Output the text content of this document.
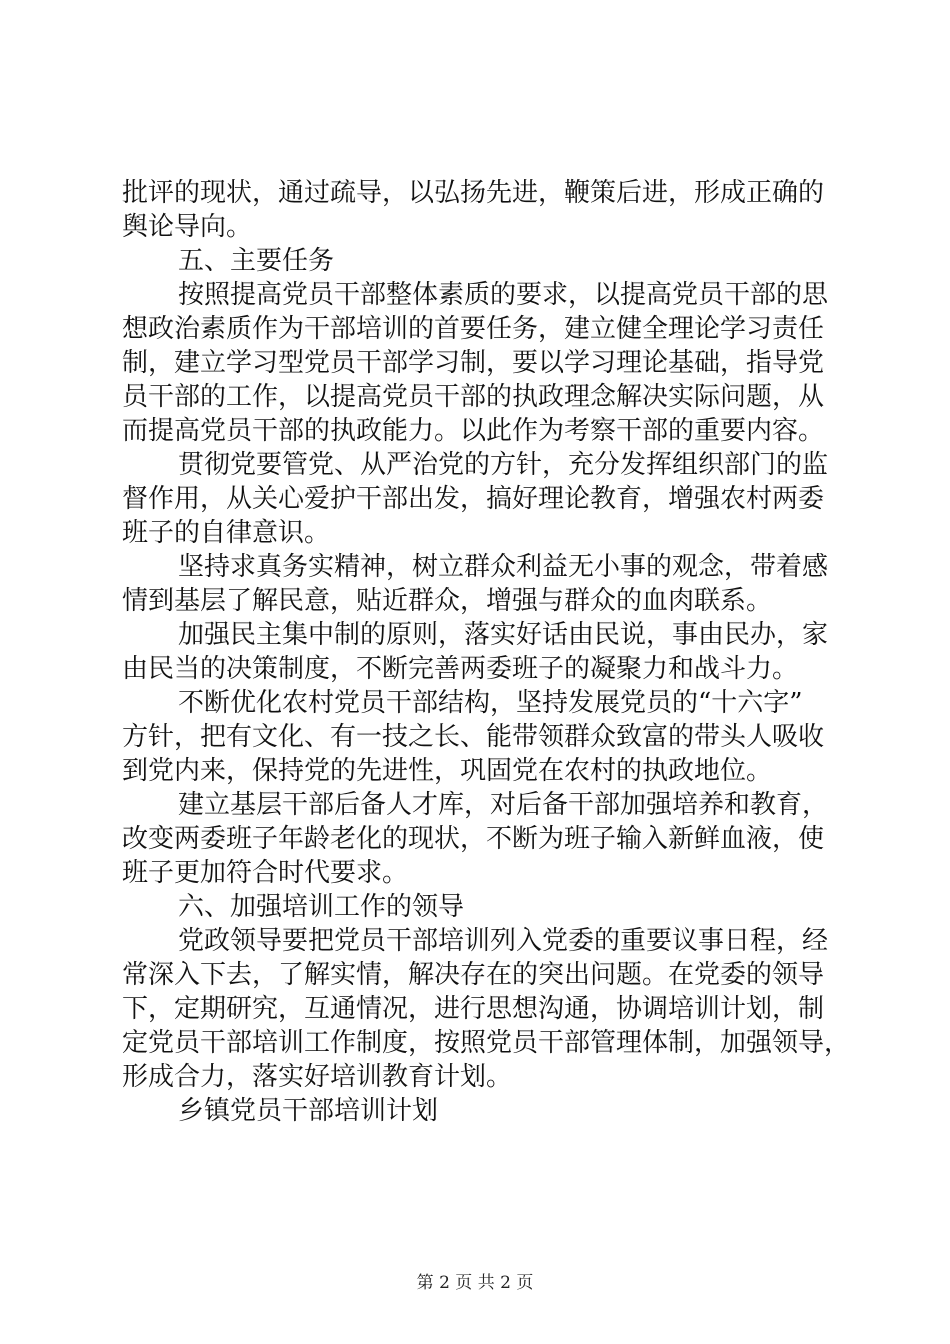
批评的现状，通过疏导，以弘扬先进，鞭策后进，形成正确的
舆论导向。
五、主要任务
按照提高党员干部整体素质的要求，以提高党员干部的思
想政治素质作为干部培训的首要任务，建立健全理论学习责任
制，建立学习型党员干部学习制，要以学习理论基础，指导党
员干部的工作，以提高党员干部的执政理念解决实际问题，从
而提高党员干部的执政能力。以此作为考察干部的重要内容。
贯彻党要管党、从严治党的方针，充分发挥组织部门的监
督作用，从关心爱护干部出发，搞好理论教育，增强农村两委
班子的自律意识。
坚持求真务实精神，树立群众利益无小事的观念，带着感
情到基层了解民意，贴近群众，增强与群众的血肉联系。
加强民主集中制的原则，落实好话由民说，事由民办，家
由民当的决策制度，不断完善两委班子的凝聚力和战斗力。
不断优化农村党员干部结构，坚持发展党员的“十六字”
方针，把有文化、有一技之长、能带领群众致富的带头人吸收
到党内来，保持党的先进性，巩固党在农村的执政地位。
建立基层干部后备人才库，对后备干部加强培养和教育，
改变两委班子年龄老化的现状，不断为班子输入新鲜血液，使
班子更加符合时代要求。
六、加强培训工作的领导
党政领导要把党员干部培训列入党委的重要议事日程，经
常深入下去，了解实情，解决存在的突出问题。在党委的领导
下，定期研究，互通情况，进行思想沟通，协调培训计划，制
定党员干部培训工作制度，按照党员干部管理体制，加强领导，
形成合力，落实好培训教育计划。
乡镇党员干部培训计划
第 2 页 共 2 页
